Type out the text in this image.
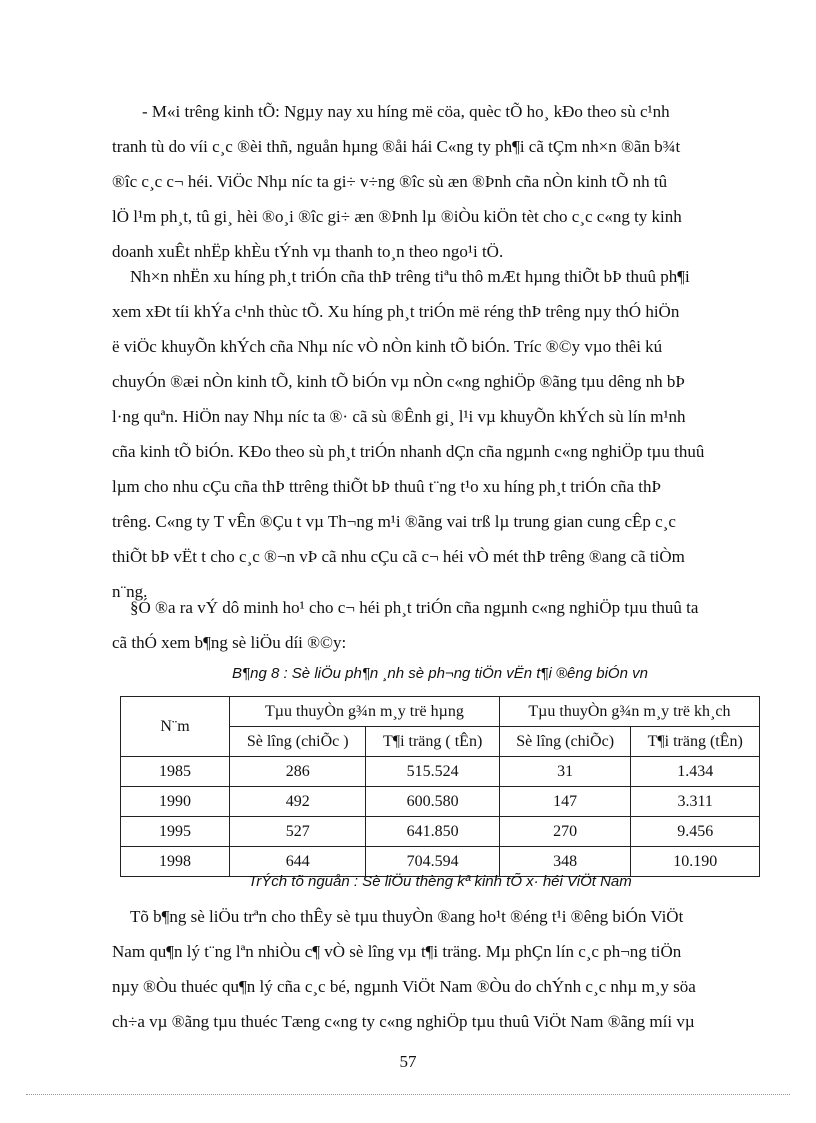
- M«i trêng kinh tÕ: Ngµy nay xu híng më cöa, quèc tÕ ho¸ kÐo theo sù c¹nh
tranh tù do víi c¸c ®èi thñ, nguån hµng ®åi hái C«ng ty ph¶i cã tÇm nh×n ®ãn b¾t
®îc c¸c c¬ héi. ViÖc Nhµ níc ta gi÷ v÷ng ®îc sù æn ®Þnh cña nÒn kinh tÕ nh tû
lÖ l¹m ph¸t, tû gi¸ hèi ®o¸i ®îc gi÷ æn ®Þnh lµ ®iÒu kiÖn tèt cho c¸c c«ng ty kinh
doanh xuÊt nhËp khÈu tÝnh vµ thanh to¸n theo ngo¹i tÖ.
Nh×n nhËn xu híng ph¸t triÓn cña thÞ trêng tiªu thô mÆt hµng thiÕt bÞ thuû ph¶i
xem xÐt tíi khÝa c¹nh thùc tÕ. Xu híng ph¸t triÓn më réng thÞ trêng nµy thÓ hiÖn
ë viÖc khuyÕn khÝch cña Nhµ níc vÒ nÒn kinh tÕ biÓn. Tríc ®©y vµo thêi kú
chuyÓn ®æi nÒn kinh tÕ, kinh tÕ biÓn vµ nÒn c«ng nghiÖp ®ãng tµu dêng nh bÞ
l·ng quªn. HiÖn nay Nhµ níc ta ®· cã sù ®Ênh gi¸ l¹i vµ khuyÕn khÝch sù lín m¹nh
cña kinh tÕ biÓn. KÐo theo sù ph¸t triÓn nhanh dÇn cña ngµnh c«ng nghiÖp tµu thuû
lµm cho nhu cÇu cña thÞ ttrêng thiÕt bÞ thuû t¨ng t¹o xu híng ph¸t triÓn cña thÞ
trêng. C«ng ty T vÊn ®Çu t vµ Th¬ng m¹i ®ãng vai trß lµ trung gian cung cÊp c¸c
thiÕt bÞ vËt t cho c¸c ®¬n vÞ cã nhu cÇu cã c¬ héi vÒ mét thÞ trêng ®ang cã tiÒm
n¨ng.
§Ó ®a ra vÝ dô minh ho¹ cho c¬ héi ph¸t triÓn cña ngµnh c«ng nghiÖp tµu thuû ta
cã thÓ xem b¶ng sè liÖu díi ®©y:
B¶ng 8 : Sè liÖu ph¶n ¸nh sè ph¬ng tiÖn vËn t¶i ®êng biÓn vn
N¨m	Tµu thuyÒn g¾n m¸y trë hµng		Tµu thuyÒn g¾n m¸y trë kh¸ch	
	Sè lîng (chiÕc )	T¶i träng ( tÊn)	Sè lîng (chiÕc)	T¶i träng (tÊn)
1985	286	515.524	31	1.434
1990	492	600.580	147	3.311
1995	527	641.850	270	9.456
1998	644	704.594	348	10.190
TrÝch tõ nguån : Sè liÖu thèng kª kinh tÕ x· héi ViÖt Nam
Tõ b¶ng sè liÖu trªn cho thÊy sè tµu thuyÒn ®ang ho¹t ®éng t¹i ®êng biÓn ViÖt
Nam qu¶n lý t¨ng lªn nhiÒu c¶ vÒ sè lîng vµ t¶i träng. Mµ phÇn lín c¸c ph¬ng tiÖn
nµy ®Òu thuéc qu¶n lý cña c¸c bé, ngµnh ViÖt Nam ®Òu do chÝnh c¸c nhµ m¸y söa
ch÷a vµ ®ãng tµu thuéc Tæng c«ng ty c«ng nghiÖp tµu thuû ViÖt Nam ®ãng míi vµ
57
